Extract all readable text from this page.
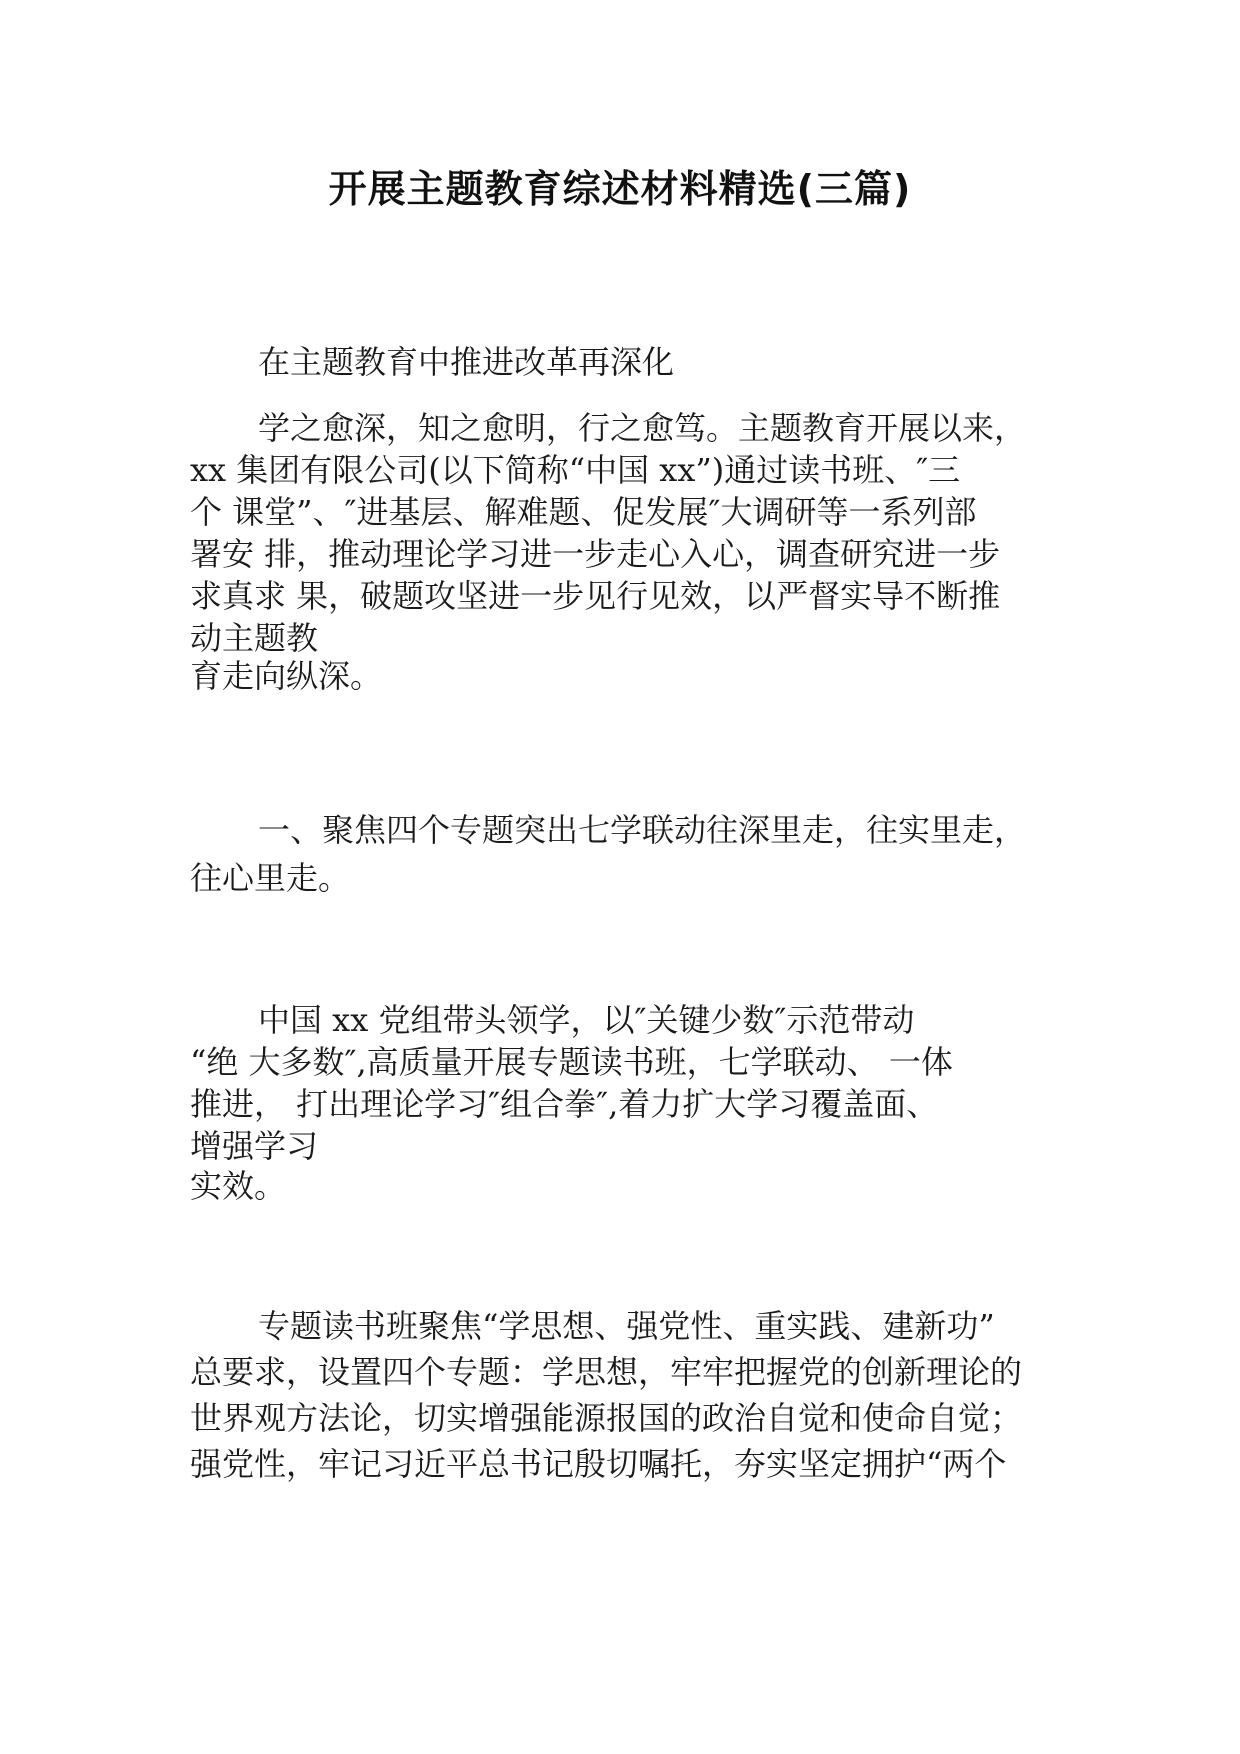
开展主题教育综述材料精选(三篇)
在主题教育中推进改革再深化
学之愈深，知之愈明，行之愈笃。主题教育开展以来，
xx 集团有限公司(以下简称“中国 xx”)通过读书班、″三
个 课堂”、″进基层、解难题、促发展″大调研等一系列部
署安 排，推动理论学习进一步走心入心，调查研究进一步
求真求 果，破题攻坚进一步见行见效，以严督实导不断推
动主题教
育走向纵深。
一、聚焦四个专题突出七学联动往深里走，往实里走，
往心里走。
中国 xx 党组带头领学，以″关键少数″示范带动
“绝 大多数″,高质量开展专题读书班，七学联动、 一体
推进， 打出理论学习″组合拳″,着力扩大学习覆盖面、
增强学习
实效。
专题读书班聚焦“学思想、强党性、重实践、建新功”
总要求，设置四个专题：学思想，牢牢把握党的创新理论的
世界观方法论，切实增强能源报国的政治自觉和使命自觉；
强党性，牢记习近平总书记殷切嘱托，夯实坚定拥护“两个
